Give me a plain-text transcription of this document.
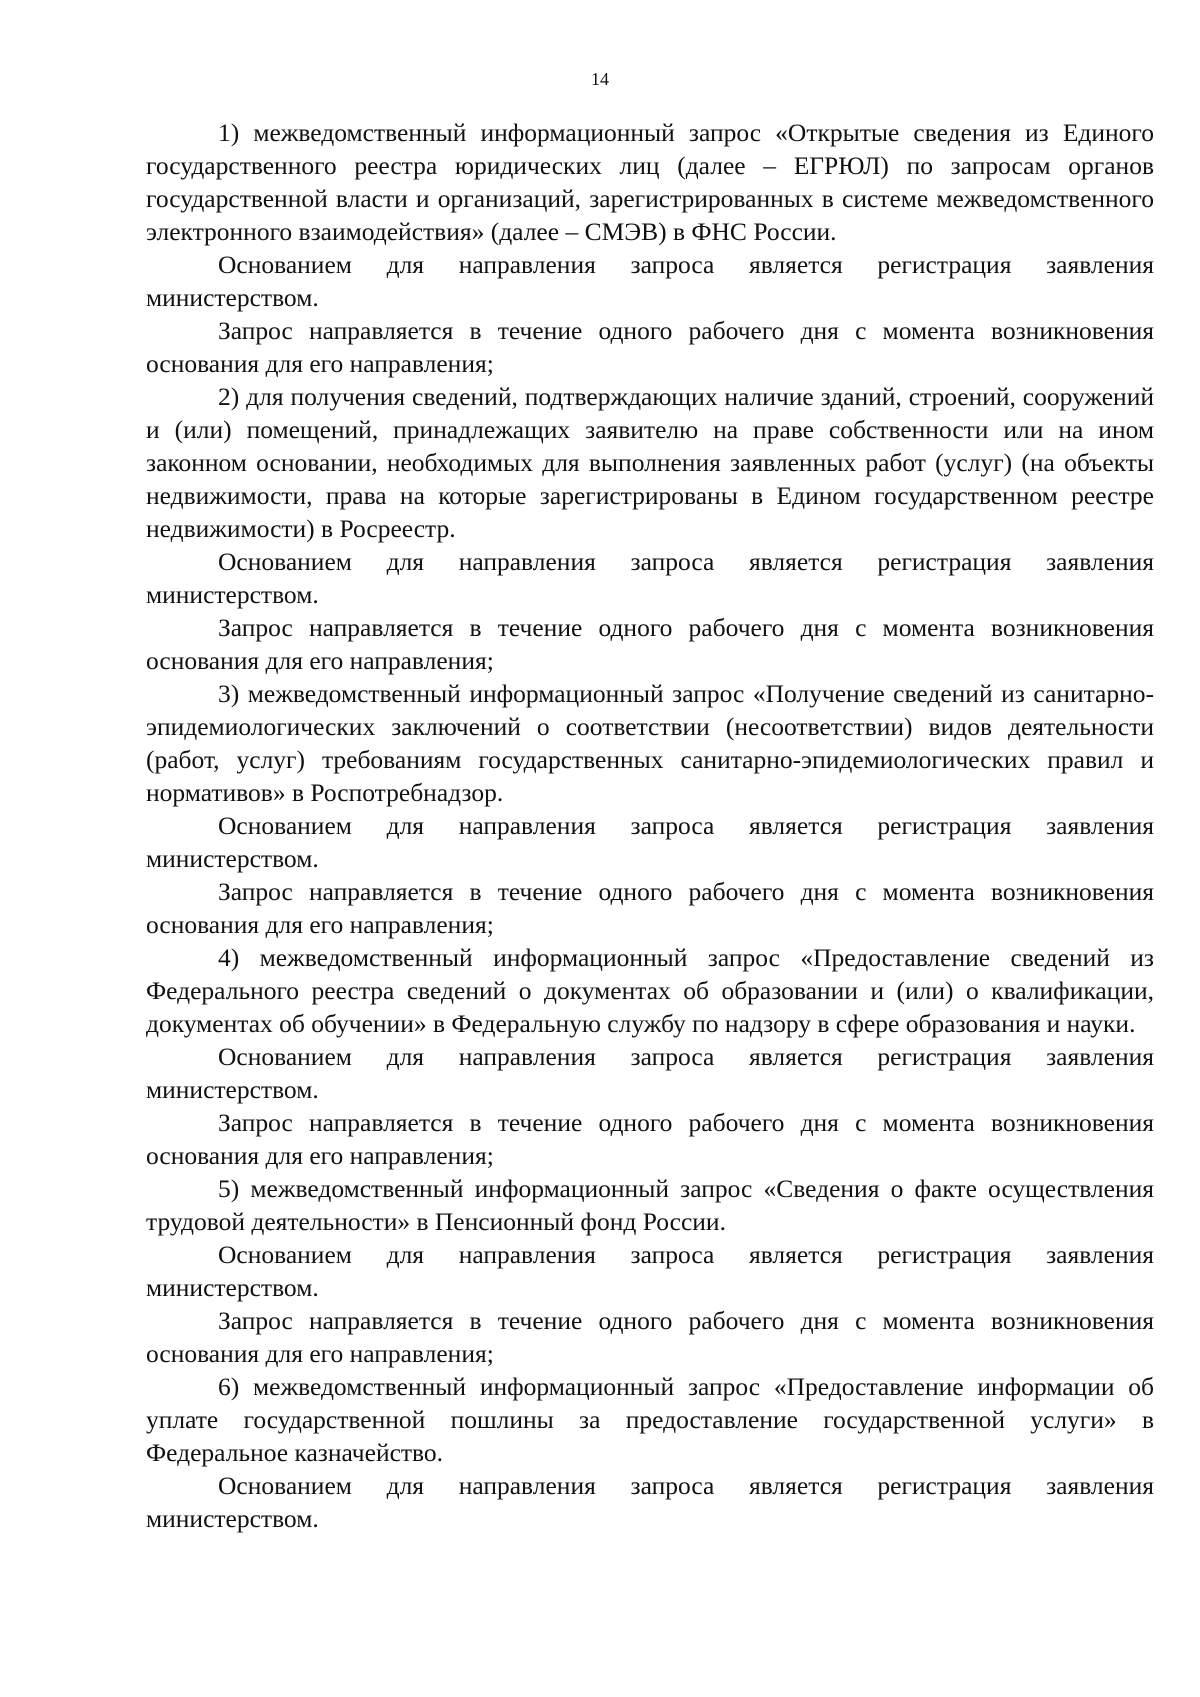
14

1) межведомственный информационный запрос «Открытые сведения из Единого государственного реестра юридических лиц (далее – ЕГРЮЛ) по запросам органов государственной власти и организаций, зарегистрированных в системе межведомственного электронного взаимодействия» (далее – СМЭВ) в ФНС России.

Основанием для направления запроса является регистрация заявления министерством.

Запрос направляется в течение одного рабочего дня с момента возникновения основания для его направления;

2) для получения сведений, подтверждающих наличие зданий, строений, сооружений и (или) помещений, принадлежащих заявителю на праве собственности или на ином законном основании, необходимых для выполнения заявленных работ (услуг) (на объекты недвижимости, права на которые зарегистрированы в Едином государственном реестре недвижимости) в Росреестр.

Основанием для направления запроса является регистрация заявления министерством.

Запрос направляется в течение одного рабочего дня с момента возникновения основания для его направления;

3) межведомственный информационный запрос «Получение сведений из санитарно-эпидемиологических заключений о соответствии (несоответствии) видов деятельности (работ, услуг) требованиям государственных санитарно-эпидемиологических правил и нормативов» в Роспотребнадзор.

Основанием для направления запроса является регистрация заявления министерством.

Запрос направляется в течение одного рабочего дня с момента возникновения основания для его направления;

4) межведомственный информационный запрос «Предоставление сведений из Федерального реестра сведений о документах об образовании и (или) о квалификации, документах об обучении» в Федеральную службу по надзору в сфере образования и науки.

Основанием для направления запроса является регистрация заявления министерством.

Запрос направляется в течение одного рабочего дня с момента возникновения основания для его направления;

5) межведомственный информационный запрос «Сведения о факте осуществления трудовой деятельности» в Пенсионный фонд России.

Основанием для направления запроса является регистрация заявления министерством.

Запрос направляется в течение одного рабочего дня с момента возникновения основания для его направления;

6) межведомственный информационный запрос «Предоставление информации об уплате государственной пошлины за предоставление государственной услуги» в Федеральное казначейство.

Основанием для направления запроса является регистрация заявления министерством.
